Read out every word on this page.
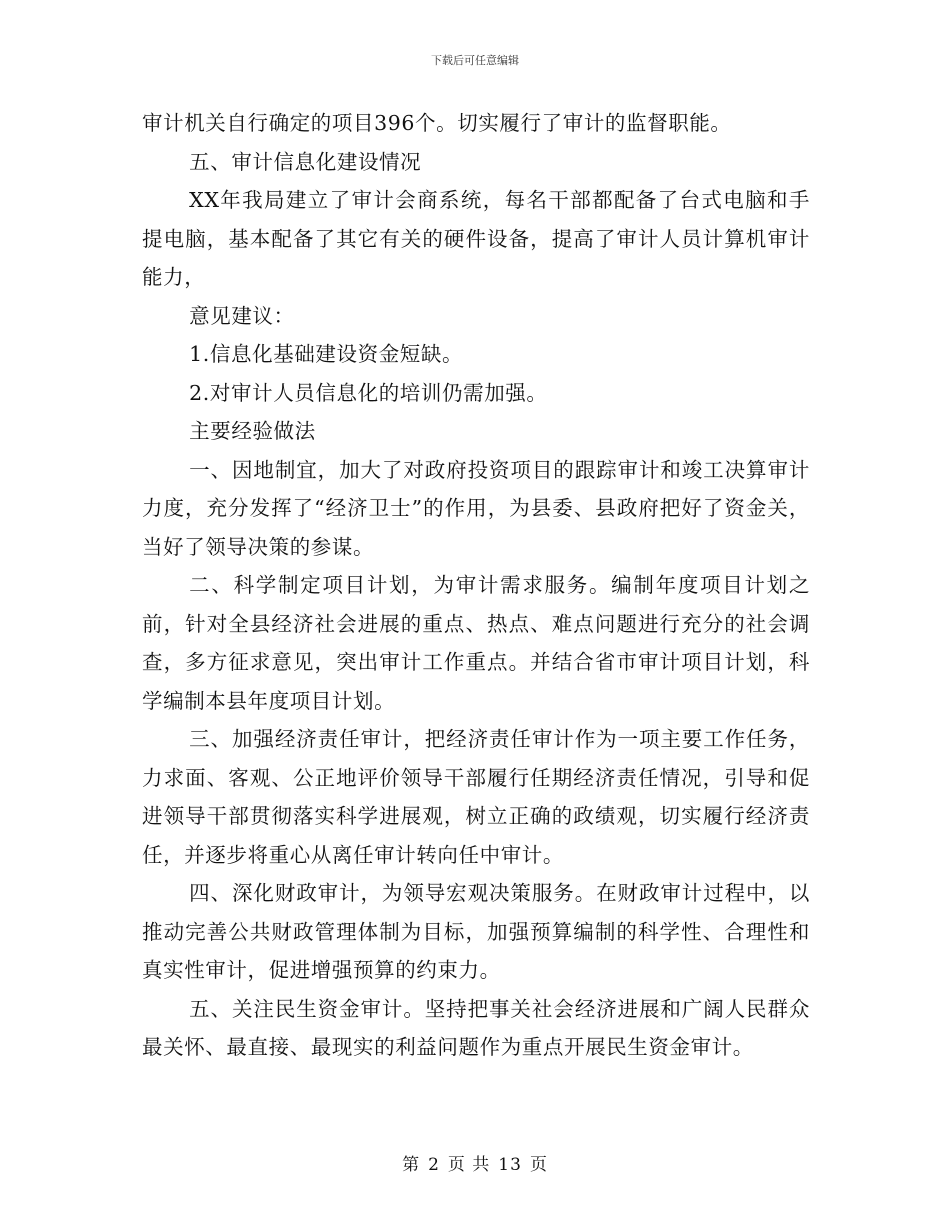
下载后可任意编辑

审计机关自行确定的项目396个。切实履行了审计的监督职能。

五、审计信息化建设情况

XX年我局建立了审计会商系统，每名干部都配备了台式电脑和手提电脑，基本配备了其它有关的硬件设备，提高了审计人员计算机审计能力，

意见建议：

1.信息化基础建设资金短缺。

2.对审计人员信息化的培训仍需加强。

主要经验做法

一、因地制宜，加大了对政府投资项目的跟踪审计和竣工决算审计力度，充分发挥了“经济卫士”的作用，为县委、县政府把好了资金关，当好了领导决策的参谋。

二、科学制定项目计划，为审计需求服务。编制年度项目计划之前，针对全县经济社会进展的重点、热点、难点问题进行充分的社会调查，多方征求意见，突出审计工作重点。并结合省市审计项目计划，科学编制本县年度项目计划。

三、加强经济责任审计，把经济责任审计作为一项主要工作任务，力求面、客观、公正地评价领导干部履行任期经济责任情况，引导和促进领导干部贯彻落实科学进展观，树立正确的政绩观，切实履行经济责任，并逐步将重心从离任审计转向任中审计。

四、深化财政审计，为领导宏观决策服务。在财政审计过程中，以推动完善公共财政管理体制为目标，加强预算编制的科学性、合理性和真实性审计，促进增强预算的约束力。

五、关注民生资金审计。坚持把事关社会经济进展和广阔人民群众最关怀、最直接、最现实的利益问题作为重点开展民生资金审计。

第 2 页 共 13 页
